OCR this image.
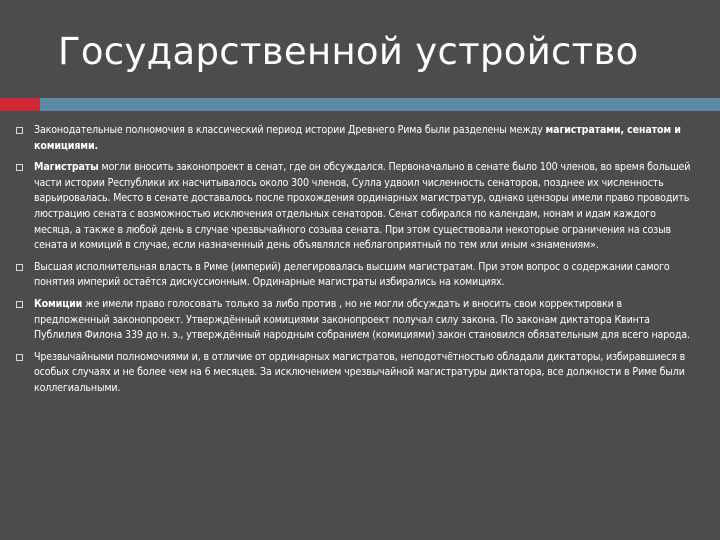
Государственной устройство
Законодательные полномочия в классический период истории Древнего Рима были разделены между магистратами, сенатом и комициями.
Магистраты могли вносить законопроект в сенат, где он обсуждался. Первоначально в сенате было 100 членов, во время большей части истории Республики их насчитывалось около 300 членов, Сулла удвоил численность сенаторов, позднее их численность варьировалась. Место в сенате доставалось после прохождения ординарных магистратур, однако цензоры имели право проводить люстрацию сената с возможностью исключения отдельных сенаторов. Сенат собирался по календам, нонам и идам каждого месяца, а также в любой день в случае чрезвычайного созыва сената. При этом существовали некоторые ограничения на созыв сената и комиций в случае, если назначенный день объявлялся неблагоприятный по тем или иным «знамениям».
Высшая исполнительная власть в Риме (империй) делегировалась высшим магистратам. При этом вопрос о содержании самого понятия империй остаётся дискуссионным. Ординарные магистраты избирались на комициях.
Комиции же имели право голосовать только за либо против , но не могли обсуждать и вносить свои корректировки в предложенный законопроект. Утверждённый комициями законопроект получал силу закона. По законам диктатора Квинта Публилия Филона 339 до н. э., утверждённый народным собранием (комициями) закон становился обязательным для всего народа.
Чрезвычайными полномочиями и, в отличие от ординарных магистратов, неподотчётностью обладали диктаторы, избиравшиеся в особых случаях и не более чем на 6 месяцев. За исключением чрезвычайной магистратуры диктатора, все должности в Риме были коллегиальными.
